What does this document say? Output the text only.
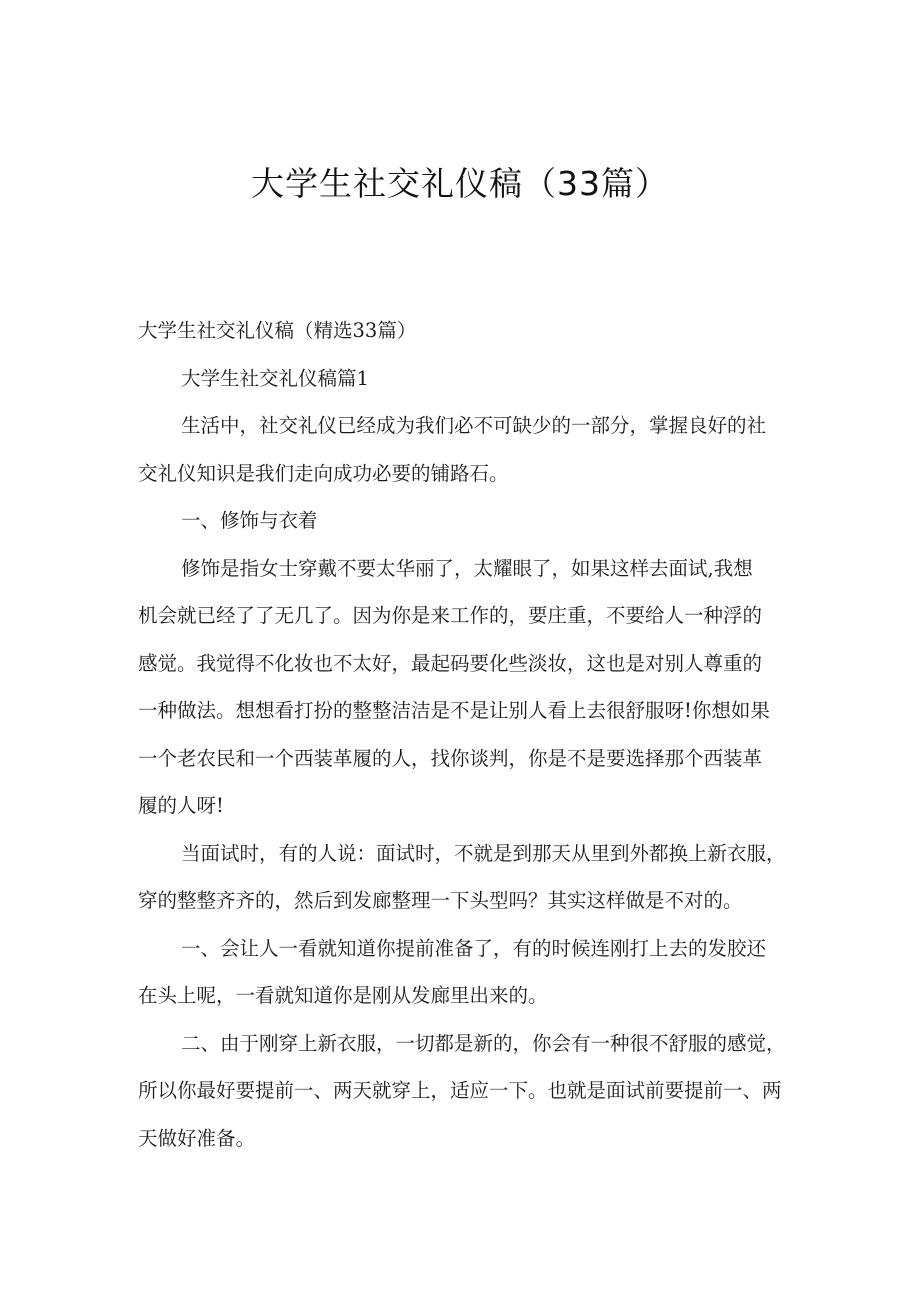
大学生社交礼仪稿（33篇）

大学生社交礼仪稿（精选33篇）

大学生社交礼仪稿篇1

生活中，社交礼仪已经成为我们必不可缺少的一部分，掌握良好的社
交礼仪知识是我们走向成功必要的铺路石。

一、修饰与衣着

修饰是指女士穿戴不要太华丽了，太耀眼了，如果这样去面试,我想
机会就已经了了无几了。因为你是来工作的，要庄重，不要给人一种浮的
感觉。我觉得不化妆也不太好，最起码要化些淡妆，这也是对别人尊重的
一种做法。想想看打扮的整整洁洁是不是让别人看上去很舒服呀!你想如果
一个老农民和一个西装革履的人，找你谈判，你是不是要选择那个西装革
履的人呀!

当面试时，有的人说：面试时，不就是到那天从里到外都换上新衣服，
穿的整整齐齐的，然后到发廊整理一下头型吗？其实这样做是不对的。

一、会让人一看就知道你提前准备了，有的时候连刚打上去的发胶还
在头上呢，一看就知道你是刚从发廊里出来的。

二、由于刚穿上新衣服，一切都是新的，你会有一种很不舒服的感觉，
所以你最好要提前一、两天就穿上，适应一下。也就是面试前要提前一、两
天做好准备。
